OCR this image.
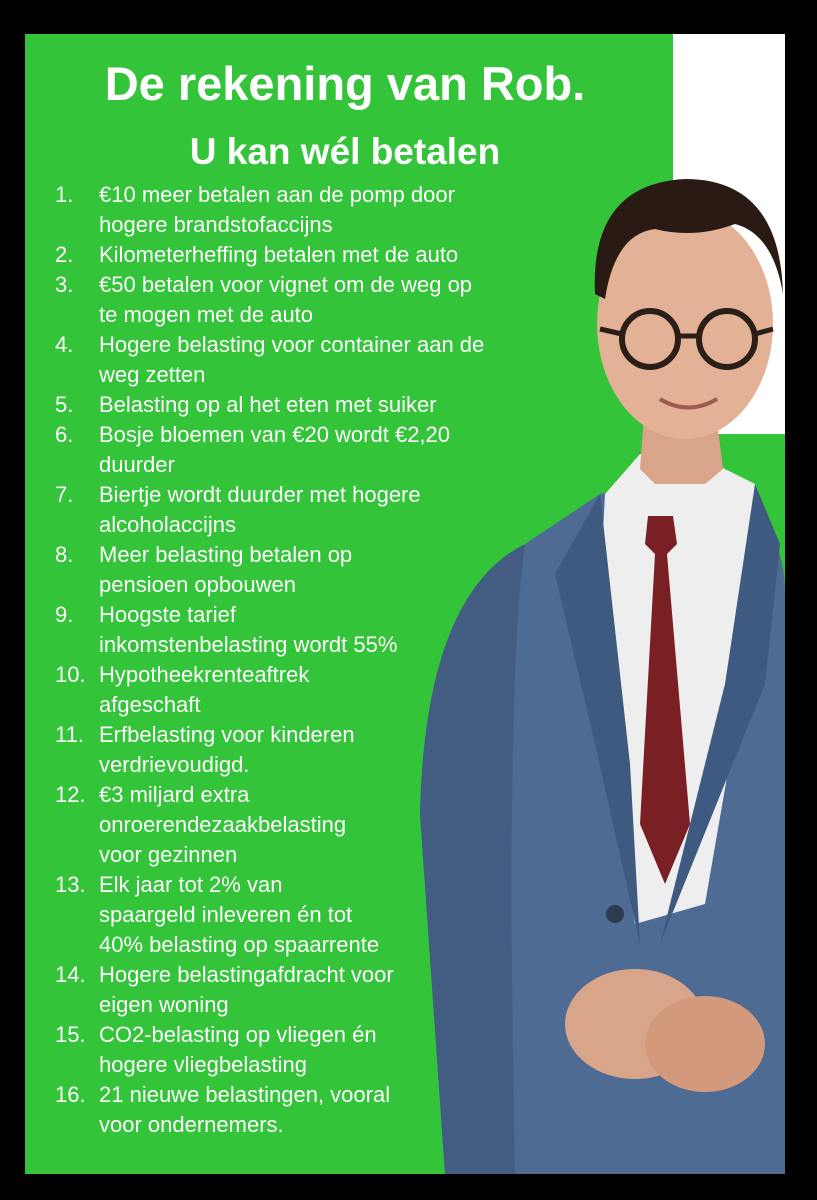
De rekening van Rob.
U kan wél betalen
1. €10 meer betalen aan de pomp door
hogere brandstofaccijns
2. Kilometerheffing betalen met de auto
3. €50 betalen voor vignet om de weg op
te mogen met de auto
4. Hogere belasting voor container aan de
weg zetten
5. Belasting op al het eten met suiker
6. Bosje bloemen van €20 wordt €2,20
duurder
7. Biertje wordt duurder met hogere
alcoholaccijns
8. Meer belasting betalen op
pensioen opbouwen
9. Hoogste tarief
inkomstenbelasting wordt 55%
10. Hypotheekrenteaftrek
afgeschaft
11. Erfbelasting voor kinderen
verdrievoudigd.
12. €3 miljard extra
onroerendezaakbelasting
voor gezinnen
13. Elk jaar tot 2% van
spaargeld inleveren én tot
40% belasting op spaarrente
14. Hogere belastingafdracht voor
eigen woning
15. CO2-belasting op vliegen én
hogere vliegbelasting
16. 21 nieuwe belastingen, vooral
voor ondernemers.
